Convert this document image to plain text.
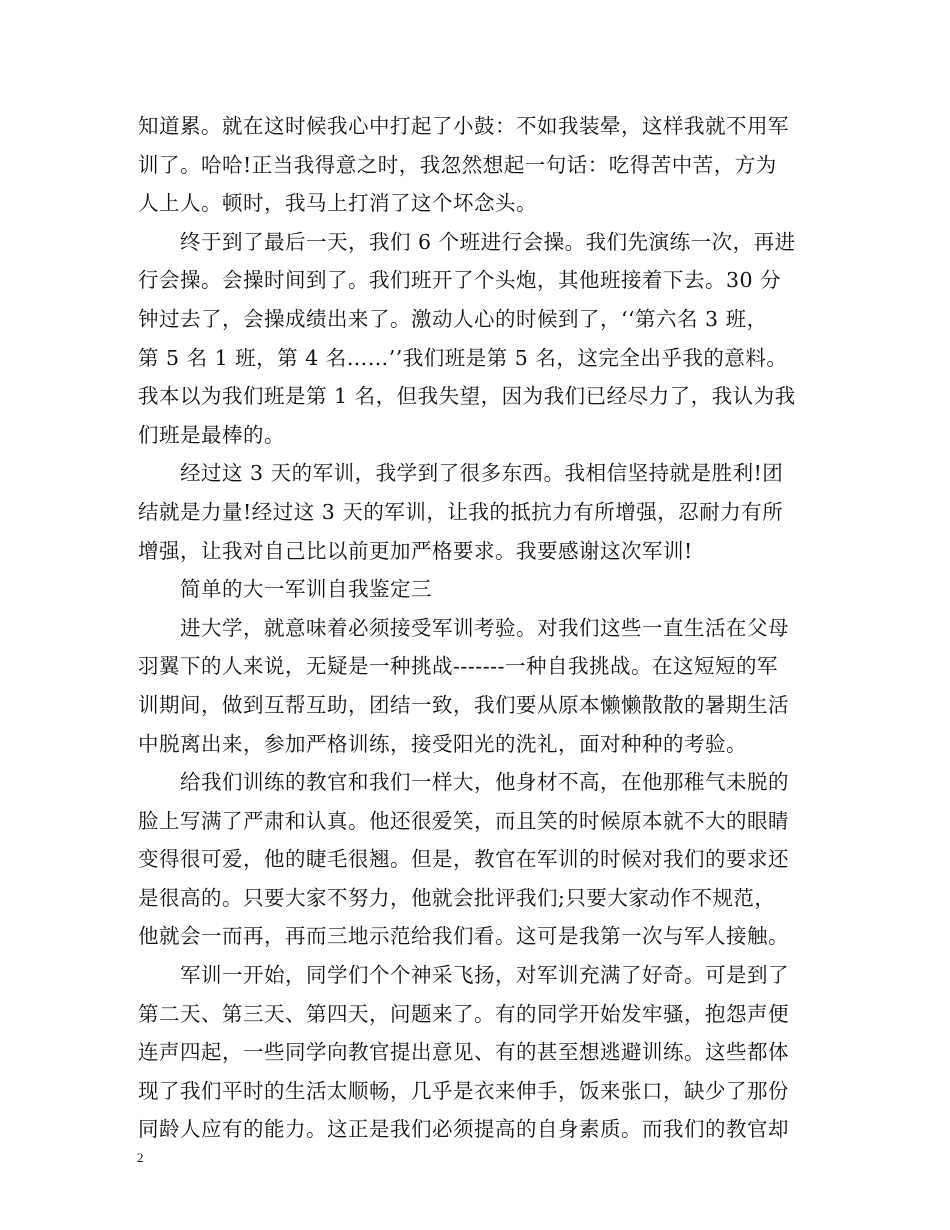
知道累。就在这时候我心中打起了小鼓：不如我装晕，这样我就不用军
训了。哈哈!正当我得意之时，我忽然想起一句话：吃得苦中苦，方为
人上人。顿时，我马上打消了这个坏念头。
终于到了最后一天，我们 6 个班进行会操。我们先演练一次，再进
行会操。会操时间到了。我们班开了个头炮，其他班接着下去。30 分
钟过去了，会操成绩出来了。激动人心的时候到了，‘‘第六名 3 班，
第 5 名 1 班，第 4 名……’’我们班是第 5 名，这完全出乎我的意料。
我本以为我们班是第 1 名，但我失望，因为我们已经尽力了，我认为我
们班是最棒的。
经过这 3 天的军训，我学到了很多东西。我相信坚持就是胜利!团
结就是力量!经过这 3 天的军训，让我的抵抗力有所增强，忍耐力有所
增强，让我对自己比以前更加严格要求。我要感谢这次军训!
简单的大一军训自我鉴定三
进大学，就意味着必须接受军训考验。对我们这些一直生活在父母
羽翼下的人来说，无疑是一种挑战-------一种自我挑战。在这短短的军
训期间，做到互帮互助，团结一致，我们要从原本懒懒散散的暑期生活
中脱离出来，参加严格训练，接受阳光的洗礼，面对种种的考验。
给我们训练的教官和我们一样大，他身材不高，在他那稚气未脱的
脸上写满了严肃和认真。他还很爱笑，而且笑的时候原本就不大的眼睛
变得很可爱，他的睫毛很翘。但是，教官在军训的时候对我们的要求还
是很高的。只要大家不努力，他就会批评我们;只要大家动作不规范，
他就会一而再，再而三地示范给我们看。这可是我第一次与军人接触。
军训一开始，同学们个个神采飞扬，对军训充满了好奇。可是到了
第二天、第三天、第四天，问题来了。有的同学开始发牢骚，抱怨声便
连声四起，一些同学向教官提出意见、有的甚至想逃避训练。这些都体
现了我们平时的生活太顺畅，几乎是衣来伸手，饭来张口，缺少了那份
同龄人应有的能力。这正是我们必须提高的自身素质。而我们的教官却
2
